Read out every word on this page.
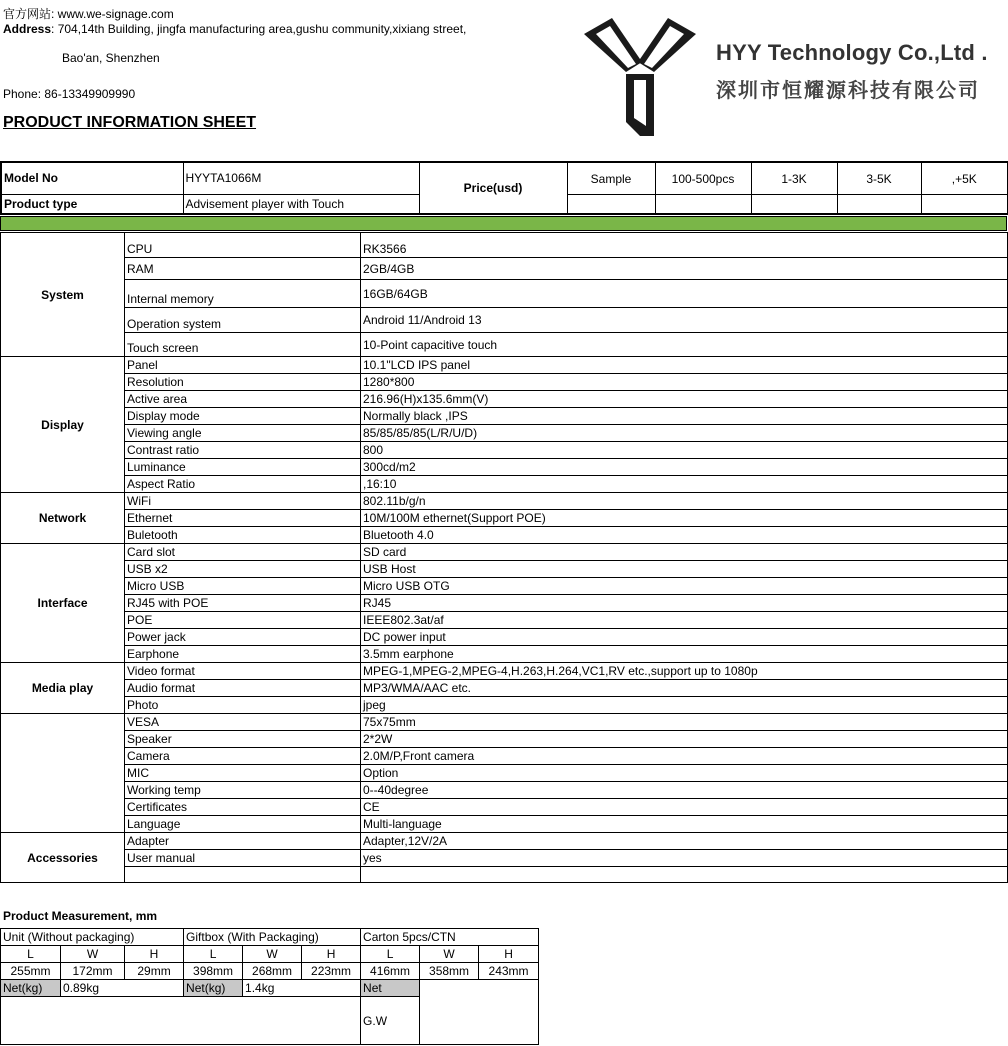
官方网站: www.we-signage.com
Address: 704,14th Building, jingfa manufacturing area,gushu community,xixiang street,
Bao'an, Shenzhen
Phone: 86-13349909990
PRODUCT INFORMATION SHEET
HYY Technology Co.,Ltd .
深圳市恒耀源科技有限公司
Model No	HYYTA1066M	Price(usd)	Sample	100-500pcs	1-3K	3-5K	,+5K
Product type	Advisement player with Touch						
System	CPU	RK3566
	RAM	2GB/4GB
	Internal memory	16GB/64GB
	Operation system	Android 11/Android 13
	Touch screen	10-Point capacitive touch
Display	Panel	10.1"LCD IPS panel
	Resolution	1280*800
	Active area	216.96(H)x135.6mm(V)
	Display mode	Normally black ,IPS
	Viewing angle	85/85/85/85(L/R/U/D)
	Contrast ratio	800
	Luminance	300cd/m2
	Aspect Ratio	,16:10
Network	WiFi	802.11b/g/n
	Ethernet	10M/100M ethernet(Support POE)
	Buletooth	Bluetooth 4.0
Interface	Card slot	SD card
	USB x2	USB Host
	Micro USB	Micro USB OTG
	RJ45 with POE	RJ45
	POE	IEEE802.3at/af
	Power jack	DC power input
	Earphone	3.5mm earphone
Media play	Video format	MPEG-1,MPEG-2,MPEG-4,H.263,H.264,VC1,RV etc.,support up to 1080p
	Audio format	MP3/WMA/AAC etc.
	Photo	jpeg
	VESA	75x75mm
	Speaker	2*2W
	Camera	2.0M/P,Front camera
	MIC	Option
	Working temp	0--40degree
	Certificates	CE
	Language	Multi-language
Accessories	Adapter	Adapter,12V/2A
	User manual	yes

Product Measurement, mm
Unit (Without packaging)			Giftbox (With Packaging)			Carton 5pcs/CTN		
L	W	H	L	W	H	L	W	H
255mm	172mm	29mm	398mm	268mm	223mm	416mm	358mm	243mm
Net(kg)	0.89kg		Net(kg)	1.4kg		Net		
						G.W		
